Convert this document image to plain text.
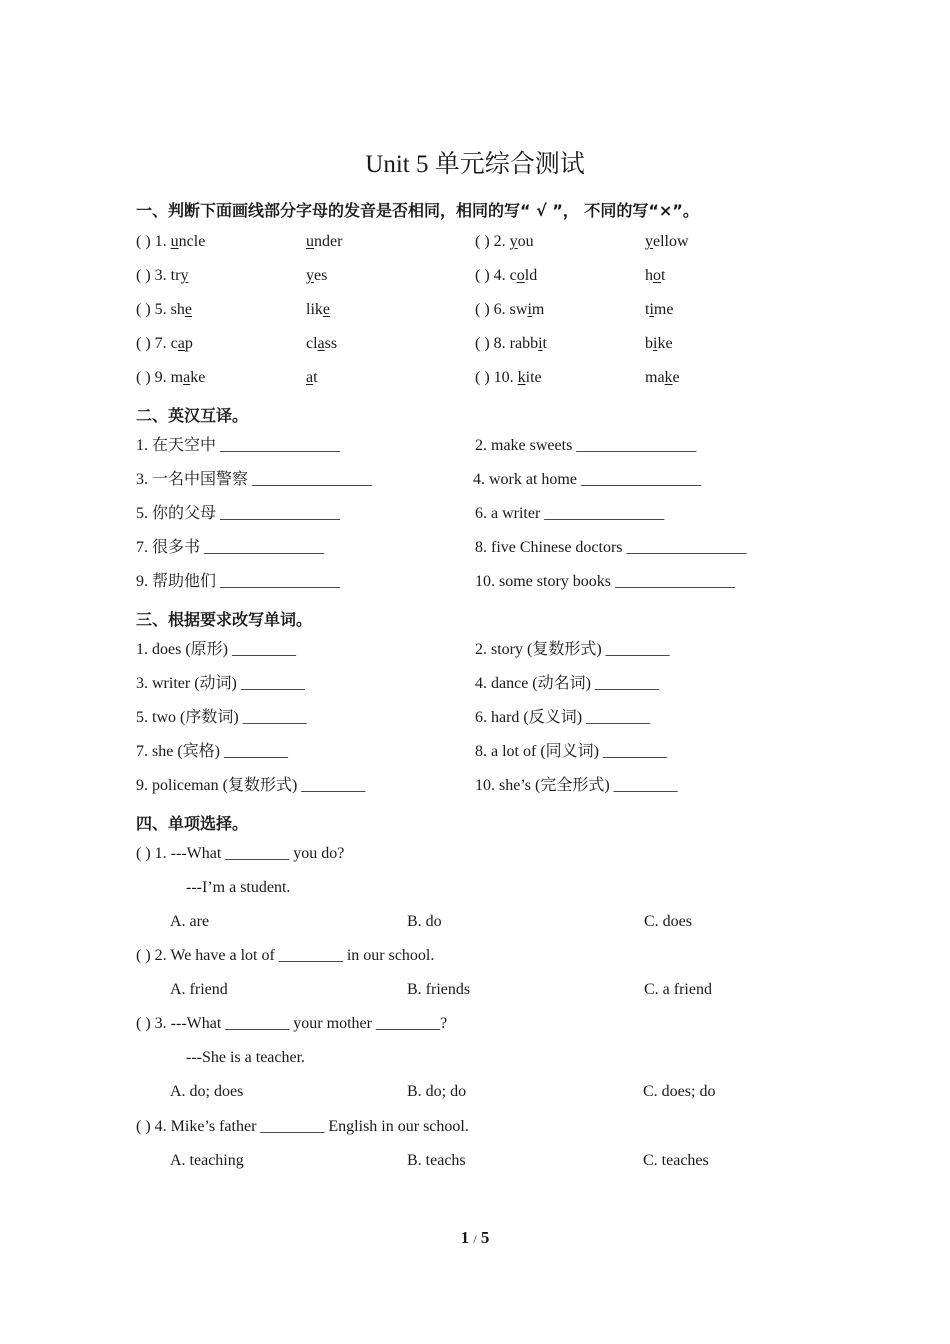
Unit 5 单元综合测试
一、判断下面画线部分字母的发音是否相同，相同的写“ √ ”， 不同的写“×”。
( ) 1. uncle	under	( ) 2. you	yellow
( ) 3. try	yes	( ) 4. cold	hot
( ) 5. she	like	( ) 6. swim	time
( ) 7. cap	class	( ) 8. rabbit	bike
( ) 9. make	at	( ) 10. kite	make
二、英汉互译。
1. 在天空中 _______________	2. make sweets _______________
3. 一名中国警察 _______________	4. work at home _______________
5. 你的父母 _______________	6. a writer _______________
7. 很多书 _______________	8. five Chinese doctors _______________
9. 帮助他们 _______________	10. some story books _______________
三、根据要求改写单词。
1. does (原形) ________	2. story (复数形式) ________
3. writer (动词) ________	4. dance (动名词) ________
5. two (序数词) ________	6. hard (反义词) ________
7. she (宾格) ________	8. a lot of (同义词) ________
9. policeman (复数形式) ________	10. she’s (完全形式) ________
四、单项选择。
( ) 1. ---What ________ you do?
---I’m a student.
A. are	B. do	C. does
( ) 2. We have a lot of ________ in our school.
A. friend	B. friends	C. a friend
( ) 3. ---What ________ your mother ________?
---She is a teacher.
A. do; does	B. do; do	C. does; do
( ) 4. Mike’s father ________ English in our school.
A. teaching	B. teachs	C. teaches
1 / 5
